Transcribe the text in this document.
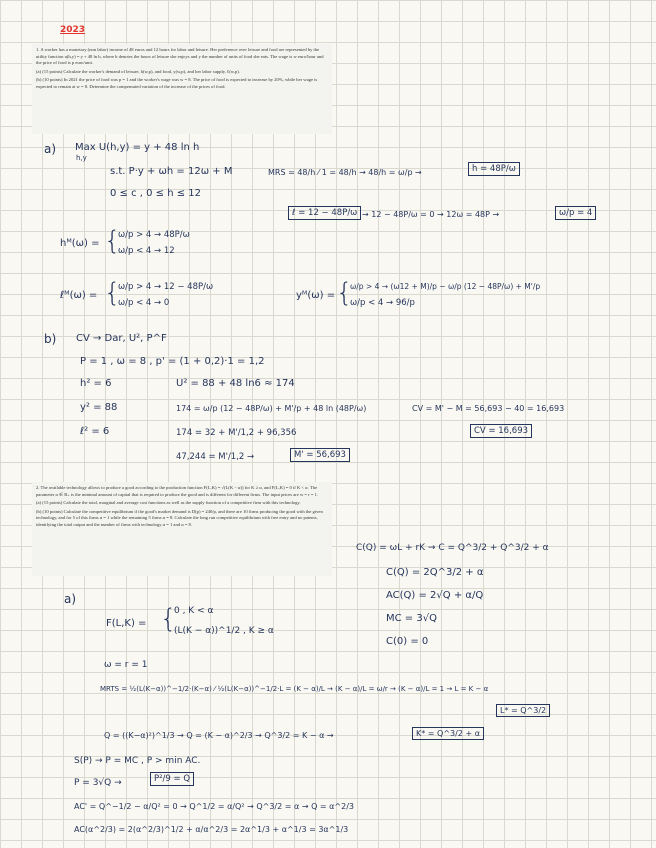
2023

1. A worker has a monetary (non labor) income of 48 euros and 12 hours for labor and leisure. Her preference over leisure and food are represented by the utility function u(h,y) = y + 48 ln h, where h denotes the hours of leisure she enjoys and y the number of units of food she eats. The wage is w euro/hour and the price of food is p euro/unit.

(a) (15 points) Calculate the worker's demand of leisure, h(w,p), and food, y(w,p), and her labor supply, ℓ(w,p).

(b) (10 points) In 2021 the price of food was p = 1 and the worker's wage was w = 8. The price of food is expected to increase by 20%, while her wage is expected to remain at w = 8. Determine the compensated variation of the increase of the prices of food.

a) Max U(h,y) = y + 48 ln h
h,y
s.t. P·y + ωh = 12ω + M
0 ≤ c , 0 ≤ h ≤ 12
MRS = 48/h ⁄ 1 = 48/h → 48/h = ω/p →	h = 48P/ω
ℓ = 12 − 48P/ω → 12 − 48P/ω = 0 → 12ω = 48P →	ω/p = 4
hᴹ(ω) = {
ω/p > 4 → 48P/ω
ω/p < 4 → 12
ℓᴹ(ω) = {
ω/p > 4 → 12 − 48P/ω
ω/p < 4 → 0
yᴹ(ω) = {
ω/p > 4 → (ω12 + M)/p − ω/p (12 − 48P/ω) + M'/p
ω/p < 4 → 96/p
b) CV → Dar, U², P^F
P = 1 , ω = 8 , p' = (1 + 0,2)·1 = 1,2
h² = 6
y² = 88
ℓ² = 6
U² = 88 + 48 ln6 ≈ 174
174 = ω/p (12 − 48P/ω) + M'/p + 48 ln (48P/ω)
174 = 32 + M'/1,2 + 96,356
47,244 = M'/1,2 →	M' = 56,693
CV = M' − M = 56,693 − 40 = 16,693
CV = 16,693

2. The available technology allows to produce a good according to the production function F(L,K) = √(L(K − α)) for K ≥ α, and F(L,K) = 0 if K < α. The parameter α ∈ R₊ is the minimal amount of capital that is required to produce the good and is different for different firms. The input prices are w = r = 1.

(a) (15 points) Calculate the total, marginal and average cost functions as well as the supply function of a competitive firm with this technology.

(b) (10 points) Calculate the competitive equilibrium if the good's market demand is D(p) = 240/p, and there are 10 firms producing the good with the given technology, and for 5 of this firms α = 1 while the remaining 5 firms α = 8. Calculate the long run competitive equilibrium with free entry and no patents, identifying the total output and the number of firms with technology α = 1 and α = 8.

C(Q) = ωL + rK → C = Q^3/2 + Q^3/2 + α
C(Q) = 2Q^3/2 + α
AC(Q) = 2√Q + α/Q
MC = 3√Q
C(0) = 0
a)
F(L,K) = {
0 , K < α
(L(K − α))^1/2 , K ≥ α
ω = r = 1
MRTS = ½(L(K−α))^−1/2·(K−α) ⁄ ½(L(K−α))^−1/2·L = (K − α)/L → (K − α)/L = ω/r → (K − α)/L = 1 → L = K − α
L* = Q^3/2
Q = ((K−α)²)^1/3 → Q = (K − α)^2/3 → Q^3/2 = K − α →	K* = Q^3/2 + α
S(P) → P = MC , P > min AC.
P = 3√Q →	P²/9 = Q
AC' = Q^−1/2 − α/Q² = 0 → Q^1/2 = α/Q² → Q^3/2 = α → Q = α^2/3
AC(α^2/3) = 2(α^2/3)^1/2 + α/α^2/3 = 2α^1/3 + α^1/3 = 3α^1/3
